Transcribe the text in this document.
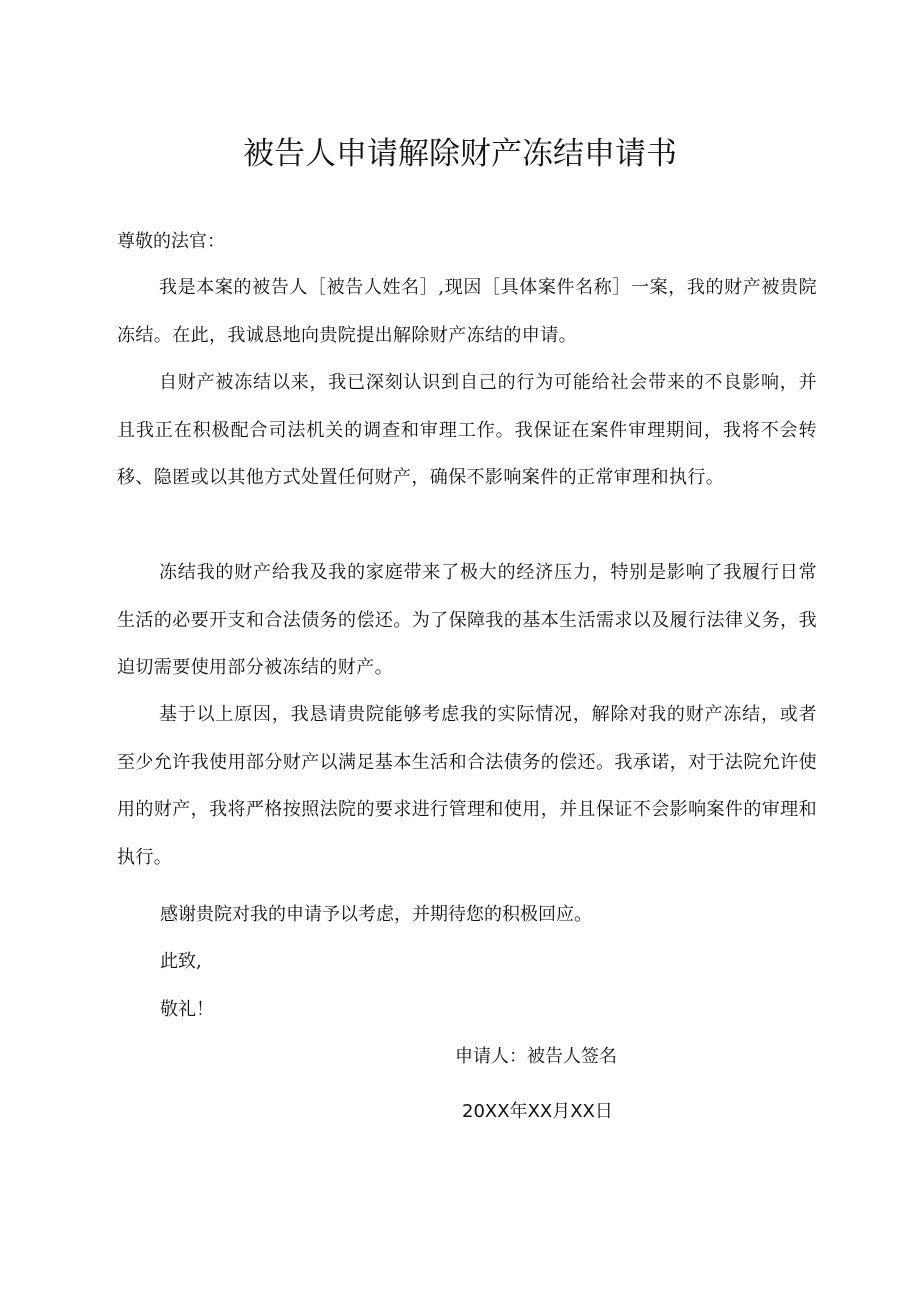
被告人申请解除财产冻结申请书
尊敬的法官：
我是本案的被告人［被告人姓名］,现因［具体案件名称］一案，我的财产被贵院冻结。在此，我诚恳地向贵院提出解除财产冻结的申请。
自财产被冻结以来，我已深刻认识到自己的行为可能给社会带来的不良影响，并且我正在积极配合司法机关的调查和审理工作。我保证在案件审理期间，我将不会转移、隐匿或以其他方式处置任何财产，确保不影响案件的正常审理和执行。
冻结我的财产给我及我的家庭带来了极大的经济压力，特别是影响了我履行日常生活的必要开支和合法债务的偿还。为了保障我的基本生活需求以及履行法律义务，我迫切需要使用部分被冻结的财产。
基于以上原因，我恳请贵院能够考虑我的实际情况，解除对我的财产冻结，或者至少允许我使用部分财产以满足基本生活和合法债务的偿还。我承诺，对于法院允许使用的财产，我将严格按照法院的要求进行管理和使用，并且保证不会影响案件的审理和执行。
感谢贵院对我的申请予以考虑，并期待您的积极回应。
此致,
敬礼！
申请人：被告人签名
20XX年XX月XX日
